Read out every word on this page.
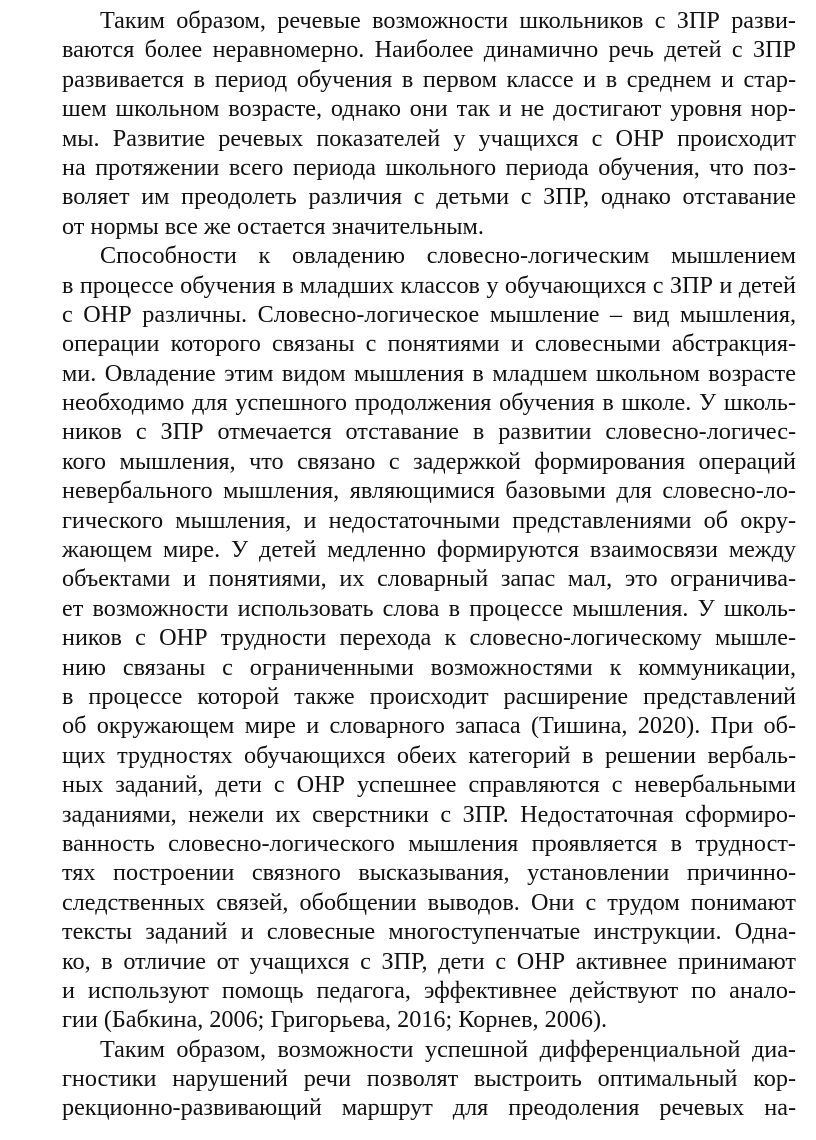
Таким образом, речевые возможности школьников с ЗПР разви-
ваются более неравномерно. Наиболее динамично речь детей с ЗПР
развивается в период обучения в первом классе и в среднем и стар-
шем школьном возрасте, однако они так и не достигают уровня нор-
мы. Развитие речевых показателей у учащихся с ОНР происходит
на протяжении всего периода школьного периода обучения, что поз-
воляет им преодолеть различия с детьми с ЗПР, однако отставание
от нормы все же остается значительным.
Способности к овладению словесно-логическим мышлением
в процессе обучения в младших классов у обучающихся с ЗПР и детей
с ОНР различны. Словесно-логическое мышление – вид мышления,
операции которого связаны с понятиями и словесными абстракция-
ми. Овладение этим видом мышления в младшем школьном возрасте
необходимо для успешного продолжения обучения в школе. У школь-
ников с ЗПР отмечается отставание в развитии словесно-логичес-
кого мышления, что связано с задержкой формирования операций
невербального мышления, являющимися базовыми для словесно-ло-
гического мышления, и недостаточными представлениями об окру-
жающем мире. У детей медленно формируются взаимосвязи между
объектами и понятиями, их словарный запас мал, это ограничива-
ет возможности использовать слова в процессе мышления. У школь-
ников с ОНР трудности перехода к словесно-логическому мышле-
нию связаны с ограниченными возможностями к коммуникации,
в процессе которой также происходит расширение представлений
об окружающем мире и словарного запаса (Тишина, 2020). При об-
щих трудностях обучающихся обеих категорий в решении вербаль-
ных заданий, дети с ОНР успешнее справляются с невербальными
заданиями, нежели их сверстники с ЗПР. Недостаточная сформиро-
ванность словесно-логического мышления проявляется в трудност-
тях построении связного высказывания, установлении причинно-
следственных связей, обобщении выводов. Они с трудом понимают
тексты заданий и словесные многоступенчатые инструкции. Одна-
ко, в отличие от учащихся с ЗПР, дети с ОНР активнее принимают
и используют помощь педагога, эффективнее действуют по анало-
гии (Бабкина, 2006; Григорьева, 2016; Корнев, 2006).
Таким образом, возможности успешной дифференциальной диа-
гностики нарушений речи позволят выстроить оптимальный кор-
рекционно-развивающий маршрут для преодоления речевых на-
